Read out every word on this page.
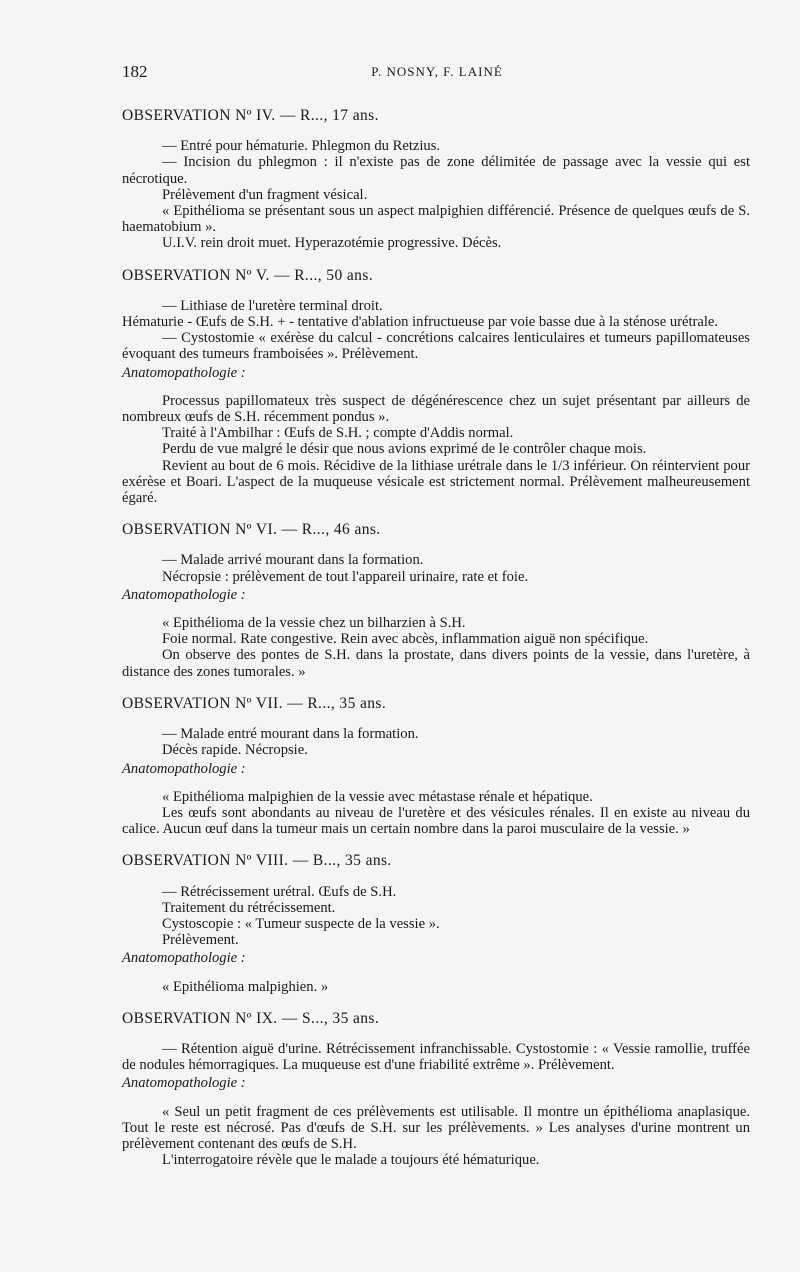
182	P. NOSNY, F. LAINÉ
OBSERVATION Nº IV. — R..., 17 ans.

— Entré pour hématurie. Phlegmon du Retzius.

— Incision du phlegmon : il n'existe pas de zone délimitée de passage avec la vessie qui est nécrotique.

Prélèvement d'un fragment vésical.

« Epithélioma se présentant sous un aspect malpighien différencié. Présence de quelques œufs de S. haematobium ».

U.I.V. rein droit muet. Hyperazotémie progressive. Décès.

OBSERVATION Nº V. — R..., 50 ans.

— Lithiase de l'uretère terminal droit.

Hématurie - Œufs de S.H. + - tentative d'ablation infructueuse par voie basse due à la sténose urétrale.

— Cystostomie « exérèse du calcul - concrétions calcaires lenticulaires et tumeurs papillomateuses évoquant des tumeurs framboisées ». Prélèvement.

Anatomopathologie :

Processus papillomateux très suspect de dégénérescence chez un sujet présentant par ailleurs de nombreux œufs de S.H. récemment pondus ».

Traité à l'Ambilhar : Œufs de S.H. ; compte d'Addis normal.

Perdu de vue malgré le désir que nous avions exprimé de le contrôler chaque mois.

Revient au bout de 6 mois. Récidive de la lithiase urétrale dans le 1/3 inférieur. On réintervient pour exérèse et Boari. L'aspect de la muqueuse vésicale est strictement normal. Prélèvement malheureusement égaré.

OBSERVATION Nº VI. — R..., 46 ans.

— Malade arrivé mourant dans la formation.

Nécropsie : prélèvement de tout l'appareil urinaire, rate et foie.

Anatomopathologie :

« Epithélioma de la vessie chez un bilharzien à S.H.

Foie normal. Rate congestive. Rein avec abcès, inflammation aiguë non spécifique.

On observe des pontes de S.H. dans la prostate, dans divers points de la vessie, dans l'uretère, à distance des zones tumorales. »

OBSERVATION Nº VII. — R..., 35 ans.

— Malade entré mourant dans la formation.

Décès rapide. Nécropsie.

Anatomopathologie :

« Epithélioma malpighien de la vessie avec métastase rénale et hépatique.

Les œufs sont abondants au niveau de l'uretère et des vésicules rénales. Il en existe au niveau du calice. Aucun œuf dans la tumeur mais un certain nombre dans la paroi musculaire de la vessie. »

OBSERVATION Nº VIII. — B..., 35 ans.

— Rétrécissement urétral. Œufs de S.H.

Traitement du rétrécissement.

Cystoscopie : « Tumeur suspecte de la vessie ».

Prélèvement.

Anatomopathologie :

« Epithélioma malpighien. »

OBSERVATION Nº IX. — S..., 35 ans.

— Rétention aiguë d'urine. Rétrécissement infranchissable. Cystostomie : « Vessie ramollie, truffée de nodules hémorragiques. La muqueuse est d'une friabilité extrême ». Prélèvement.

Anatomopathologie :

« Seul un petit fragment de ces prélèvements est utilisable. Il montre un épithélioma anaplasique. Tout le reste est nécrosé. Pas d'œufs de S.H. sur les prélèvements. » Les analyses d'urine montrent un prélèvement contenant des œufs de S.H.

L'interrogatoire révèle que le malade a toujours été hématurique.
